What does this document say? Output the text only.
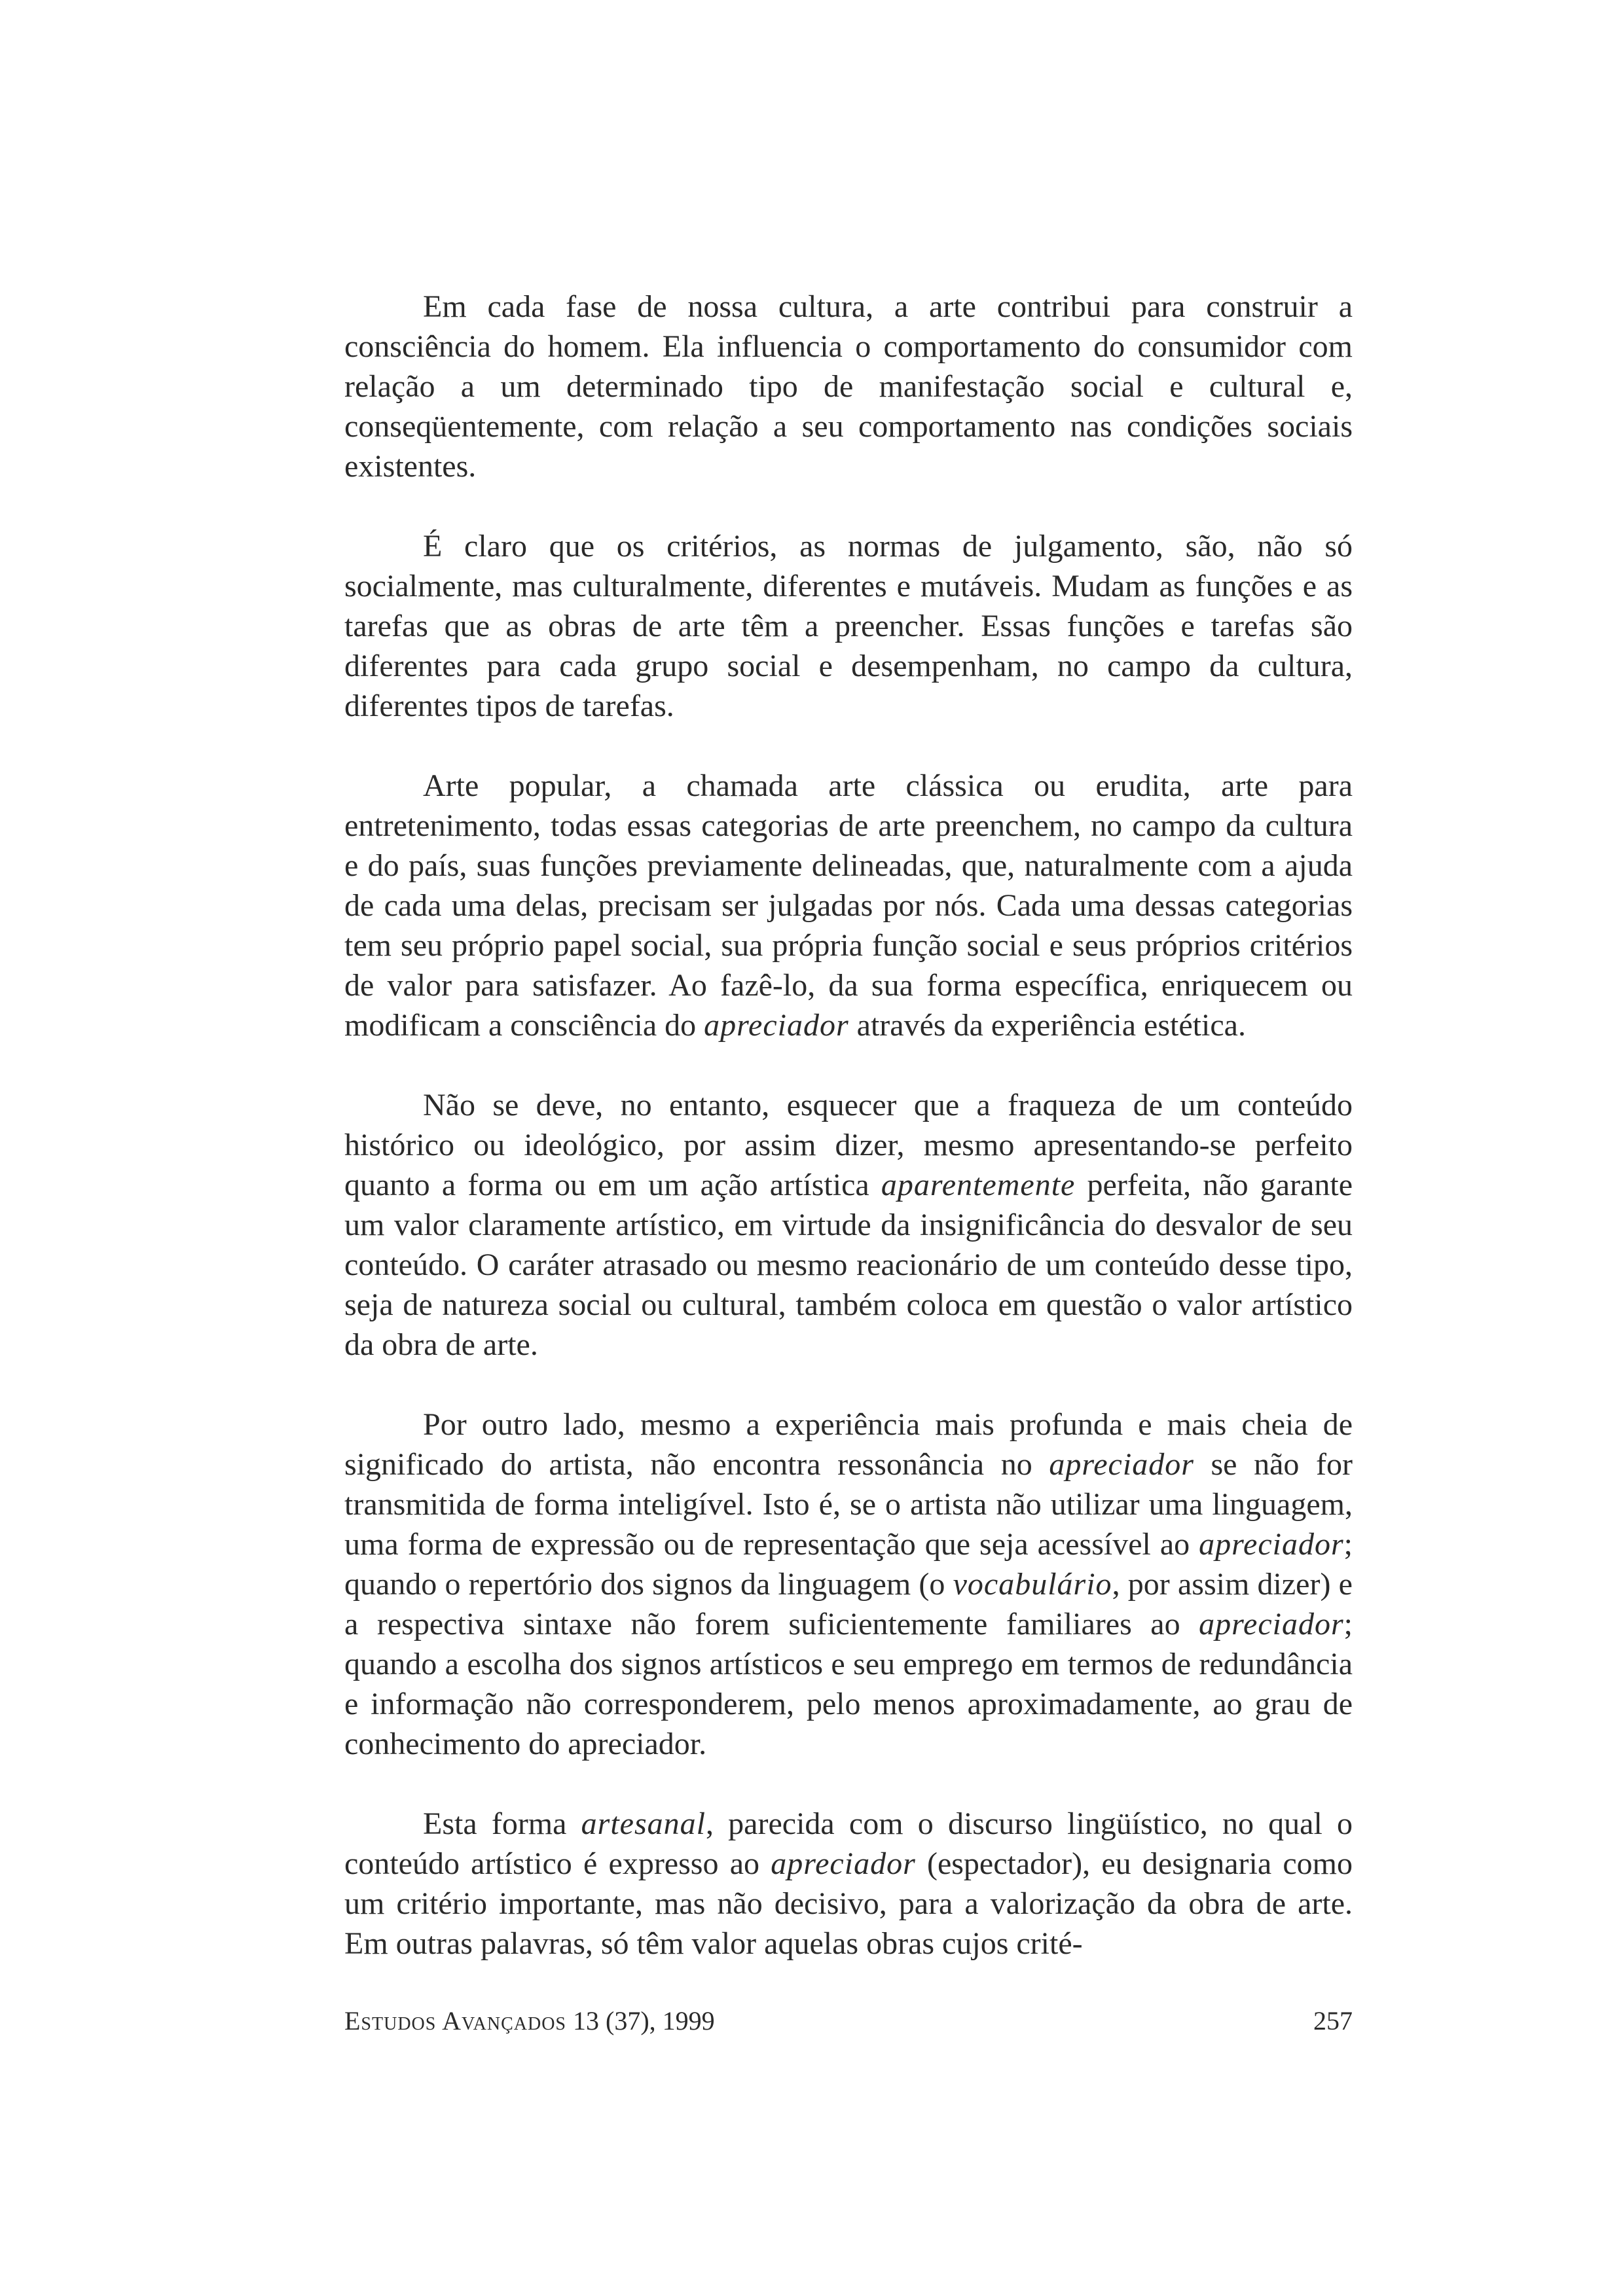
Em cada fase de nossa cultura, a arte contribui para construir a consciência do homem. Ela influencia o comportamento do consumidor com relação a um determinado tipo de manifestação social e cultural e, conseqüentemente, com relação a seu comportamento nas condições sociais existentes.

É claro que os critérios, as normas de julgamento, são, não só socialmente, mas culturalmente, diferentes e mutáveis. Mudam as funções e as tarefas que as obras de arte têm a preencher. Essas funções e tarefas são diferentes para cada grupo social e desempenham, no campo da cultura, diferentes tipos de tarefas.

Arte popular, a chamada arte clássica ou erudita, arte para entretenimento, todas essas categorias de arte preenchem, no campo da cultura e do país, suas funções previamente delineadas, que, naturalmente com a ajuda de cada uma delas, precisam ser julgadas por nós. Cada uma dessas categorias tem seu próprio papel social, sua própria função social e seus próprios critérios de valor para satisfazer. Ao fazê-lo, da sua forma específica, enriquecem ou modificam a consciência do apreciador através da experiência estética.

Não se deve, no entanto, esquecer que a fraqueza de um conteúdo histórico ou ideológico, por assim dizer, mesmo apresentando-se perfeito quanto a forma ou em um ação artística aparentemente perfeita, não garante um valor claramente artístico, em virtude da insignificância do desvalor de seu conteúdo. O caráter atrasado ou mesmo reacionário de um conteúdo desse tipo, seja de natureza social ou cultural, também coloca em questão o valor artístico da obra de arte.

Por outro lado, mesmo a experiência mais profunda e mais cheia de significado do artista, não encontra ressonância no apreciador se não for transmitida de forma inteligível. Isto é, se o artista não utilizar uma linguagem, uma forma de expressão ou de representação que seja acessível ao apreciador; quando o repertório dos signos da linguagem (o vocabulário, por assim dizer) e a respectiva sintaxe não forem suficientemente familiares ao apreciador; quando a escolha dos signos artísticos e seu emprego em termos de redundância e informação não corresponderem, pelo menos aproximadamente, ao grau de conhecimento do apreciador.

Esta forma artesanal, parecida com o discurso lingüístico, no qual o conteúdo artístico é expresso ao apreciador (espectador), eu designaria como um critério importante, mas não decisivo, para a valorização da obra de arte. Em outras palavras, só têm valor aquelas obras cujos crité-

Estudos Avançados 13 (37), 1999	257
